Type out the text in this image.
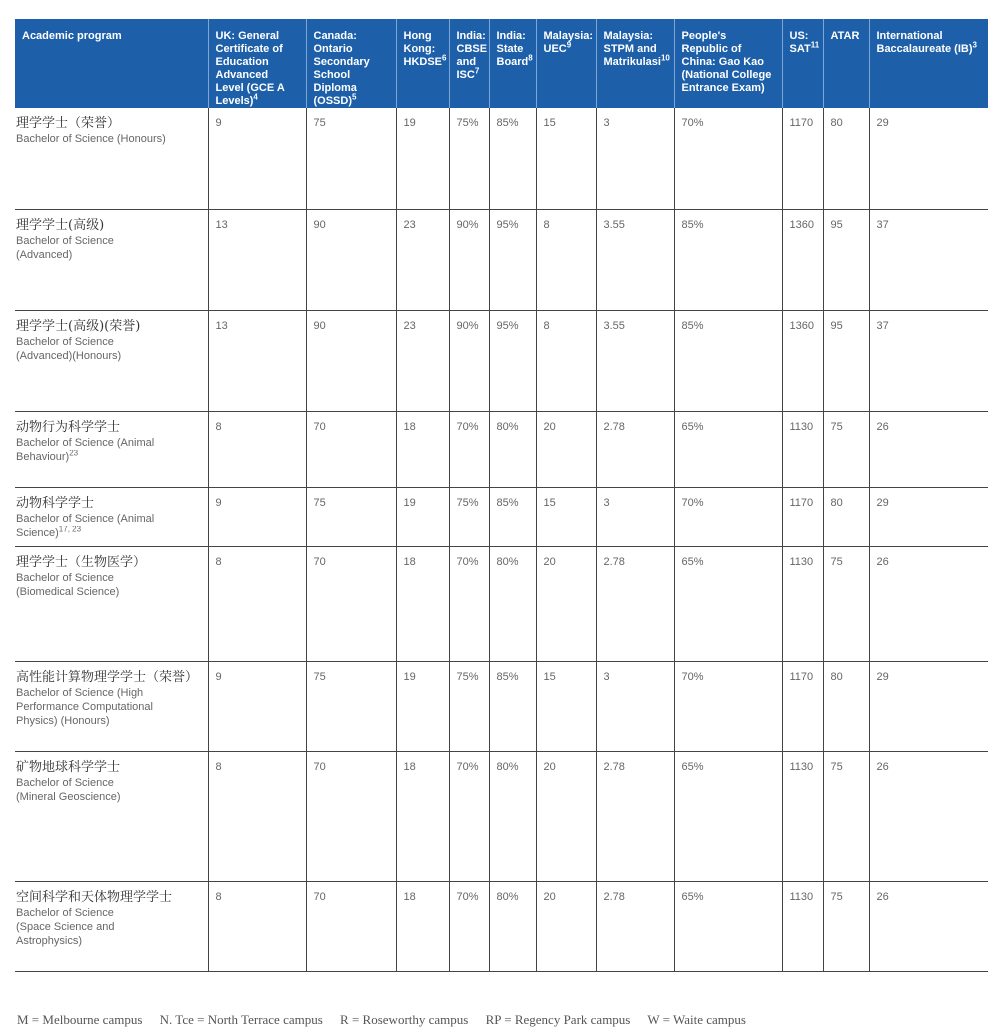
Academic program	UK: General Certificate of Education Advanced Level (GCE A Levels)$^4$	Canada: Ontario Secondary School Diploma (OSSD)$^5$	Hong Kong: HKDSE$^6$	India: CBSE and ISC$^7$	India: State Board$^8$	Malaysia: UEC$^9$	Malaysia: STPM and Matrikulasi$^{10}$	People's Republic of China: Gao Kao (National College Entrance Exam)	US: SAT$^{11}$	ATAR	International Baccalaureate (IB)$^3$

理学学士（荣誉）
Bachelor of Science (Honours)	9	75	19	75%	85%	15	3	70%	1170	80	29

理学学士(高级)
Bachelor of Science
(Advanced)	13	90	23	90%	95%	8	3.55	85%	1360	95	37

理学学士(高级)(荣誉)
Bachelor of Science
(Advanced)(Honours)	13	90	23	90%	95%	8	3.55	85%	1360	95	37

动物行为科学学士
Bachelor of Science (Animal
Behaviour)$^{23}$	8	70	18	70%	80%	20	2.78	65%	1130	75	26

动物科学学士
Bachelor of Science (Animal
Science)$^{17, 23}$	9	75	19	75%	85%	15	3	70%	1170	80	29

理学学士（生物医学）
Bachelor of Science
(Biomedical Science)	8	70	18	70%	80%	20	2.78	65%	1130	75	26

高性能计算物理学学士（荣誉）
Bachelor of Science (High
Performance Computational
Physics) (Honours)	9	75	19	75%	85%	15	3	70%	1170	80	29

矿物地球科学学士
Bachelor of Science
(Mineral Geoscience)	8	70	18	70%	80%	20	2.78	65%	1130	75	26

空间科学和天体物理学学士
Bachelor of Science
(Space Science and
Astrophysics)	8	70	18	70%	80%	20	2.78	65%	1130	75	26
M = Melbourne campus N. Tce = North Terrace campus R = Roseworthy campus RP = Regency Park campus W = Waite campus
